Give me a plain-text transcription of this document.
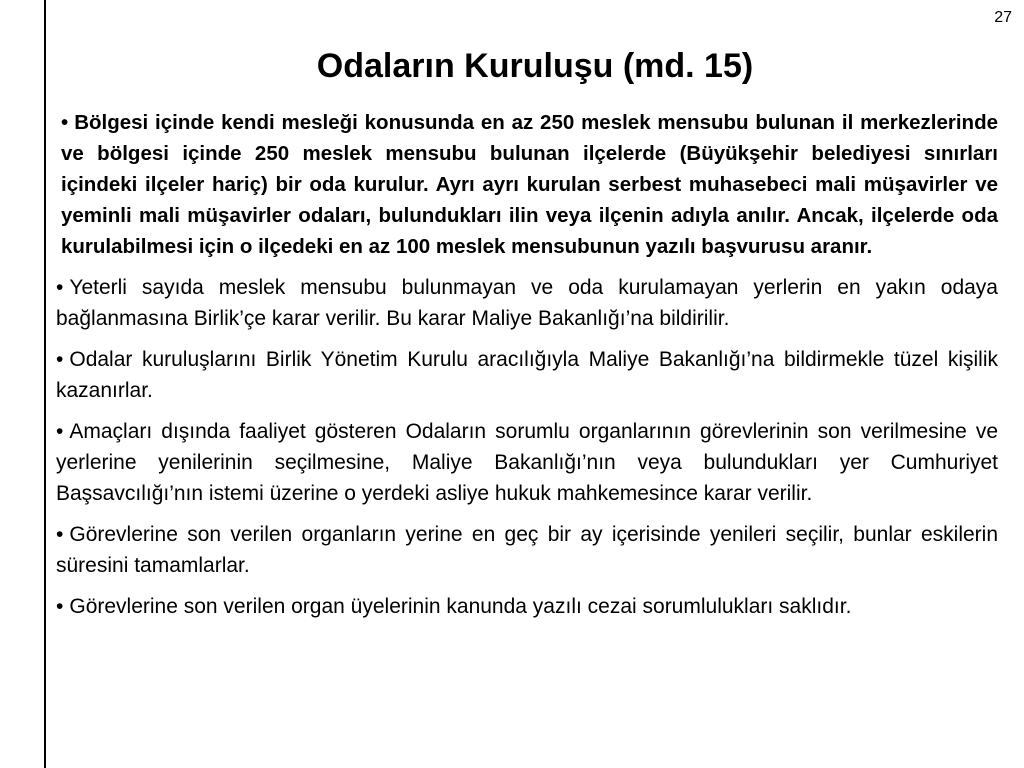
27
Odaların Kuruluşu (md. 15)

• Bölgesi içinde kendi mesleği konusunda en az 250 meslek mensubu bulunan il merkezlerinde ve bölgesi içinde 250 meslek mensubu bulunan ilçelerde (Büyükşehir belediyesi sınırları içindeki ilçeler hariç) bir oda kurulur. Ayrı ayrı kurulan serbest muhasebeci mali müşavirler ve yeminli mali müşavirler odaları, bulundukları ilin veya ilçenin adıyla anılır. Ancak, ilçelerde oda kurulabilmesi için o ilçedeki en az 100 meslek mensubunun yazılı başvurusu aranır.

• Yeterli sayıda meslek mensubu bulunmayan ve oda kurulamayan yerlerin en yakın odaya bağlanmasına Birlik’çe karar verilir. Bu karar Maliye Bakanlığı’na bildirilir.

• Odalar kuruluşlarını Birlik Yönetim Kurulu aracılığıyla Maliye Bakanlığı’na bildirmekle tüzel kişilik kazanırlar.

• Amaçları dışında faaliyet gösteren Odaların sorumlu organlarının görevlerinin son verilmesine ve yerlerine yenilerinin seçilmesine, Maliye Bakanlığı’nın veya bulundukları yer Cumhuriyet Başsavcılığı’nın istemi üzerine o yerdeki asliye hukuk mahkemesince karar verilir.

• Görevlerine son verilen organların yerine en geç bir ay içerisinde yenileri seçilir, bunlar eskilerin süresini tamamlarlar.

• Görevlerine son verilen organ üyelerinin kanunda yazılı cezai sorumlulukları saklıdır.
